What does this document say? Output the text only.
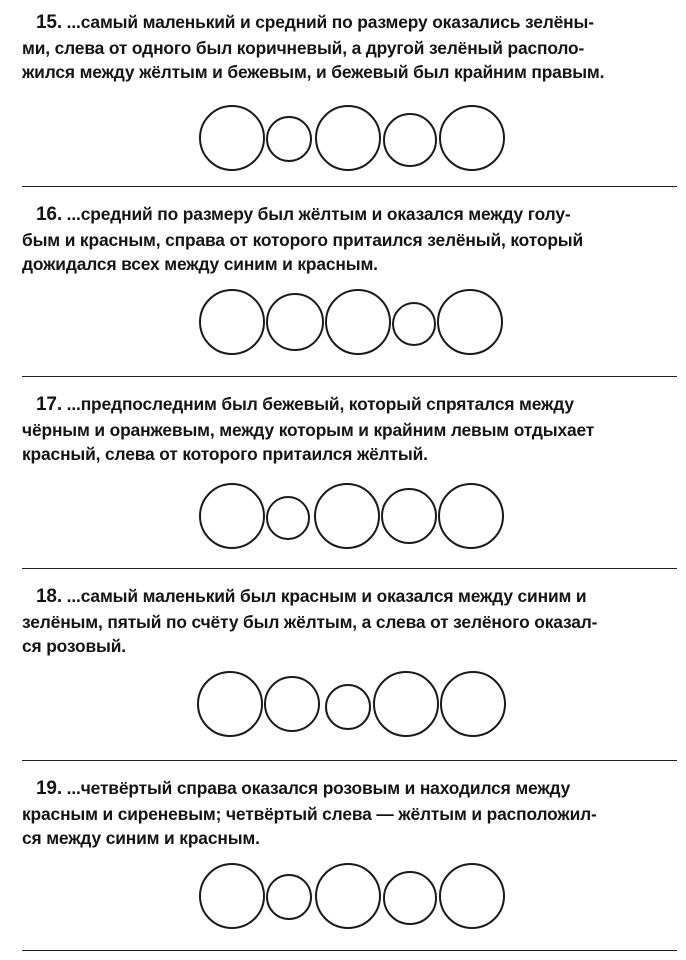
15. ...самый маленький и средний по размеру оказались зелёны-
ми, слева от одного был коричневый, а другой зелёный располо-
жился между жёлтым и бежевым, и бежевый был крайним правым.

16. ...средний по размеру был жёлтым и оказался между голу-
бым и красным, справа от которого притаился зелёный, который
дожидался всех между синим и красным.

17. ...предпоследним был бежевый, который спрятался между
чёрным и оранжевым, между которым и крайним левым отдыхает
красный, слева от которого притаился жёлтый.

18. ...самый маленький был красным и оказался между синим и
зелёным, пятый по счёту был жёлтым, а слева от зелёного оказал-
ся розовый.

19. ...четвёртый справа оказался розовым и находился между
красным и сиреневым; четвёртый слева — жёлтым и расположил-
ся между синим и красным.
